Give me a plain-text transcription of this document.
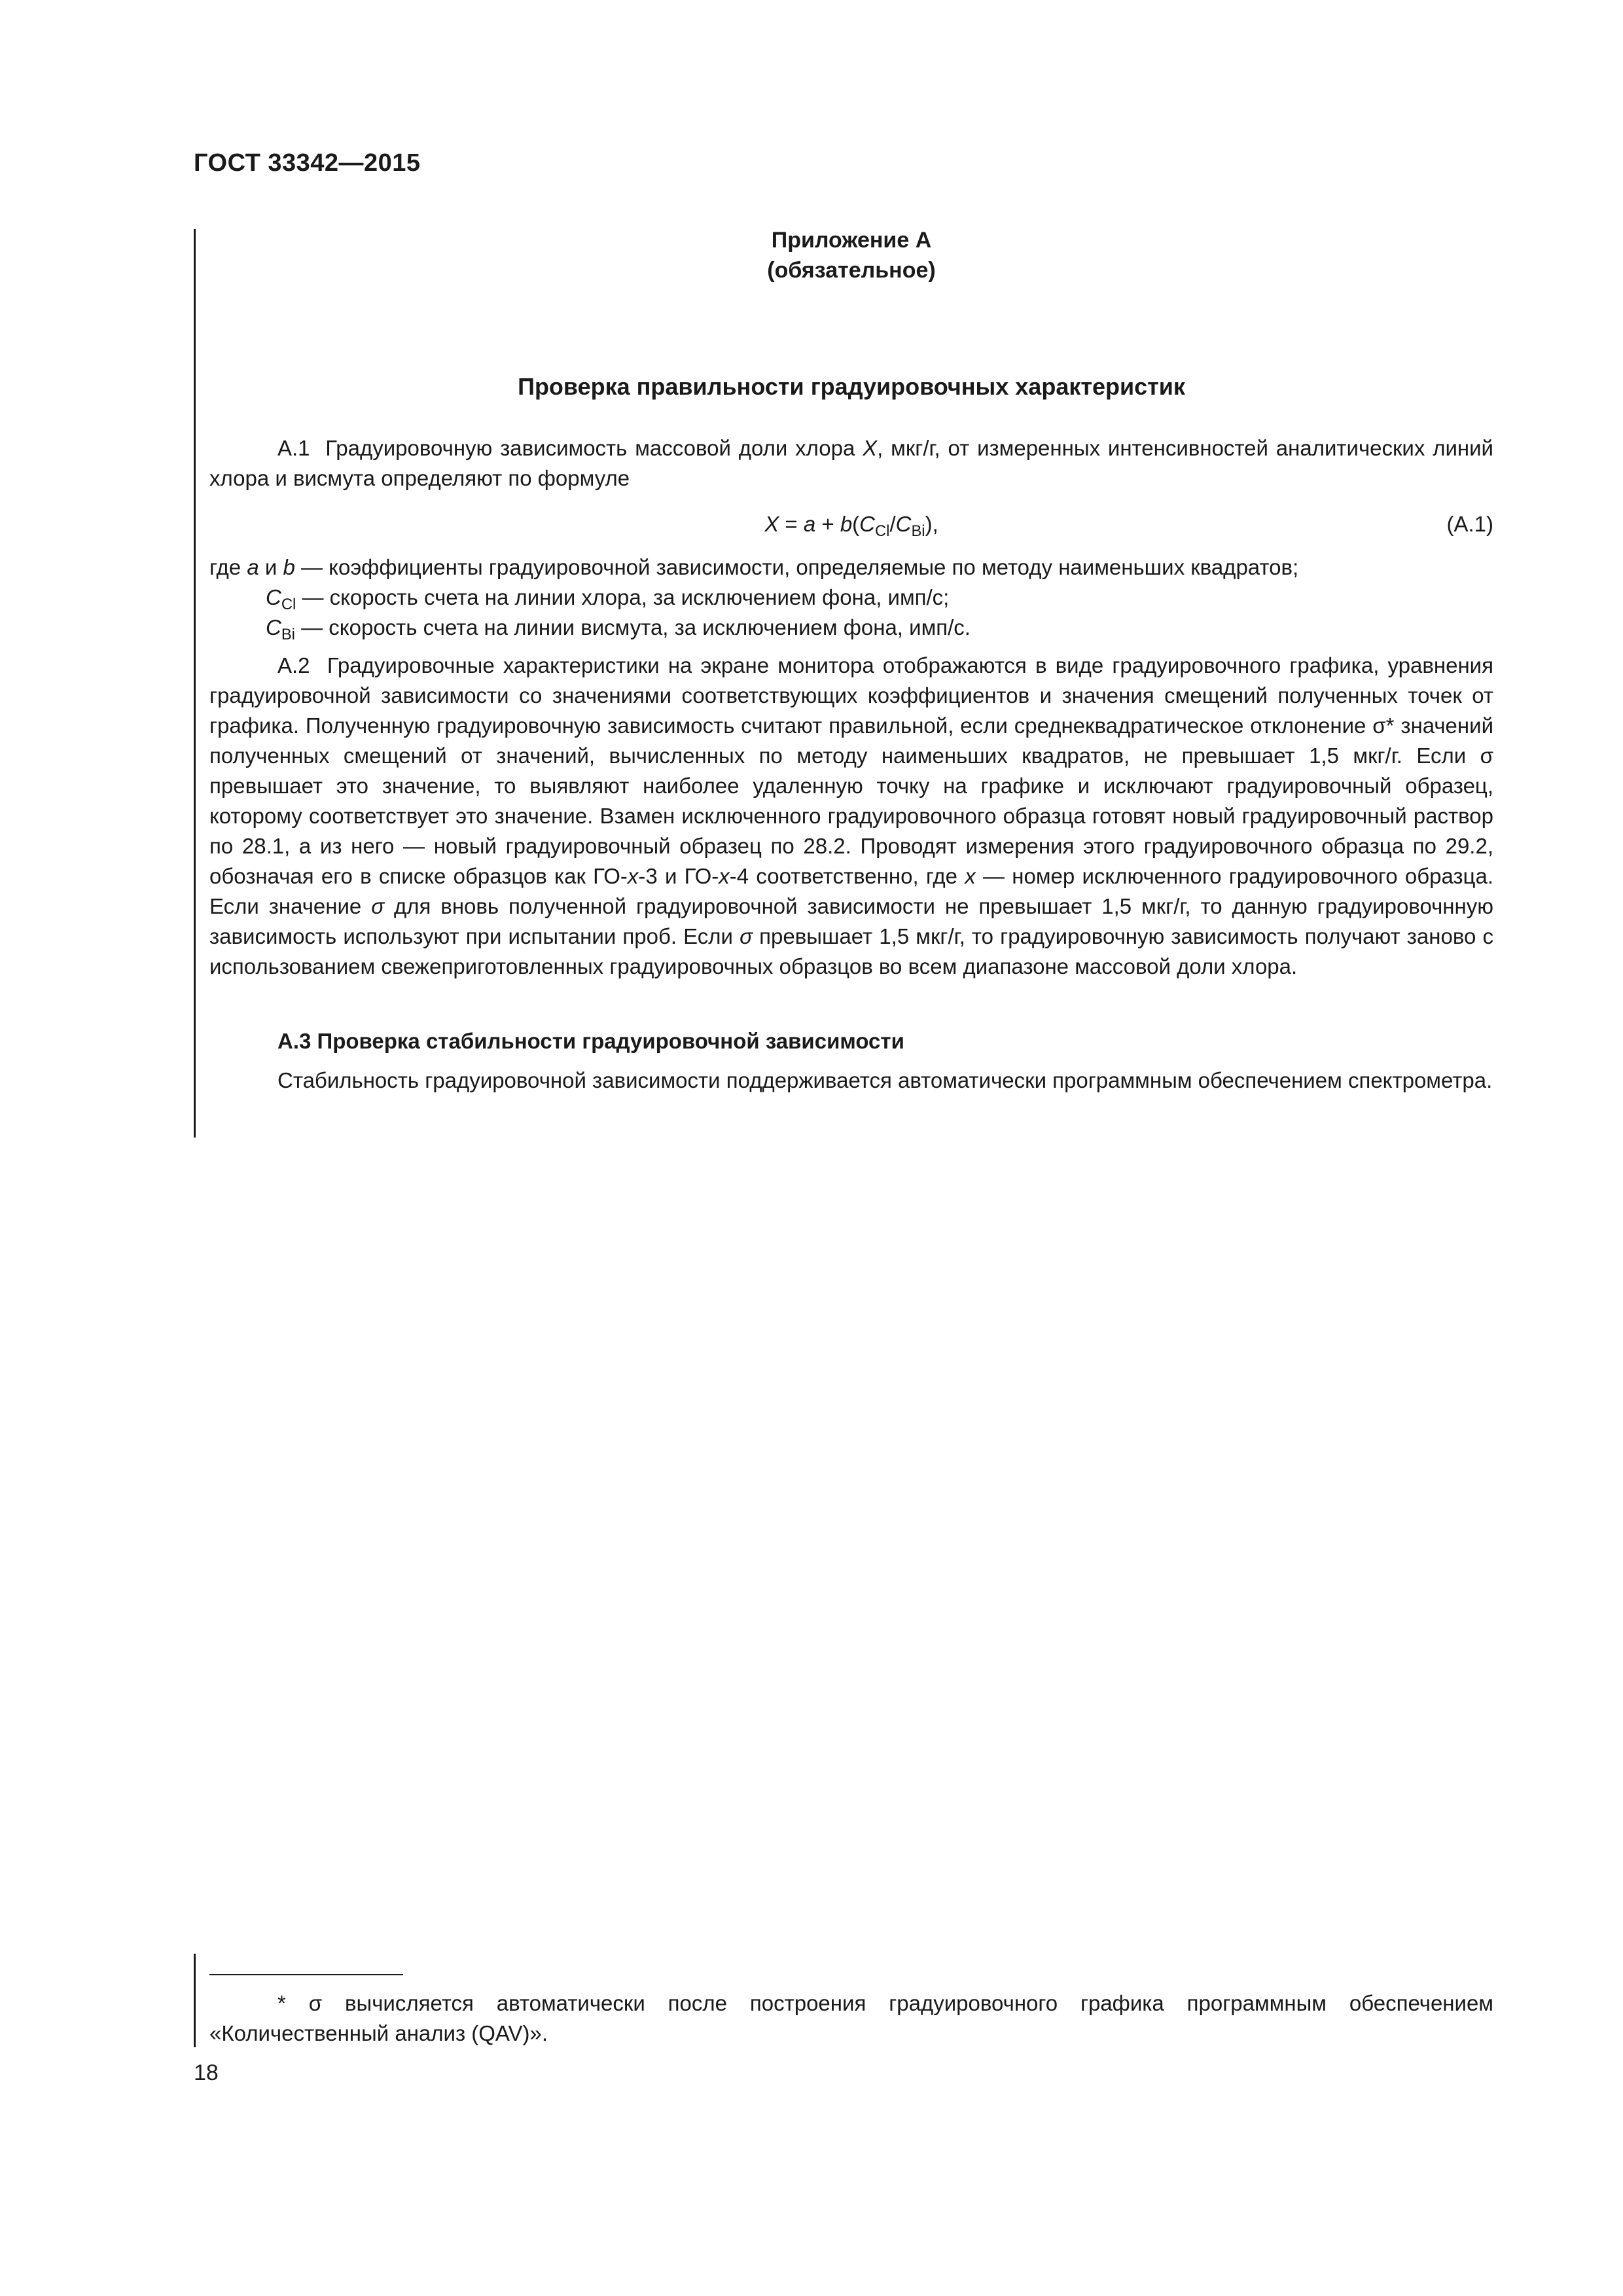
ГОСТ 33342—2015
Приложение А
(обязательное)
Проверка правильности градуировочных характеристик

А.1 Градуировочную зависимость массовой доли хлора X, мкг/г, от измеренных интенсивностей аналитических линий хлора и висмута определяют по формуле

$X = a + b(C_{Cl}/C_{Bi})$,	(А.1)
где a и b — коэффициенты градуировочной зависимости, определяемые по методу наименьших квадратов;
$C_{Cl}$ — скорость счета на линии хлора, за исключением фона, имп/с;
$C_{Bi}$ — скорость счета на линии висмута, за исключением фона, имп/с.

А.2 Градуировочные характеристики на экране монитора отображаются в виде градуировочного графика, уравнения градуировочной зависимости со значениями соответствующих коэффициентов и значения смещений полученных точек от графика. Полученную градуировочную зависимость считают правильной, если среднеквадратическое отклонение σ* значений полученных смещений от значений, вычисленных по методу наименьших квадратов, не превышает 1,5 мкг/г. Если σ превышает это значение, то выявляют наиболее удаленную точку на графике и исключают градуировочный образец, которому соответствует это значение. Взамен исключенного градуировочного образца готовят новый градуировочный раствор по 28.1, а из него — новый градуировочный образец по 28.2. Проводят измерения этого градуировочного образца по 29.2, обозначая его в списке образцов как ГО-x-3 и ГО-x-4 соответственно, где x — номер исключенного градуировочного образца. Если значение σ для вновь полученной градуировочной зависимости не превышает 1,5 мкг/г, то данную градуировочнную зависимость используют при испытании проб. Если σ превышает 1,5 мкг/г, то градуировочную зависимость получают заново с использованием свежеприготовленных градуировочных образцов во всем диапазоне массовой доли хлора.

А.3 Проверка стабильности градуировочной зависимости

Стабильность градуировочной зависимости поддерживается автоматически программным обеспечением спектрометра.

* σ вычисляется автоматически после построения градуировочного графика программным обеспечением «Количественный анализ (QAV)».

18
